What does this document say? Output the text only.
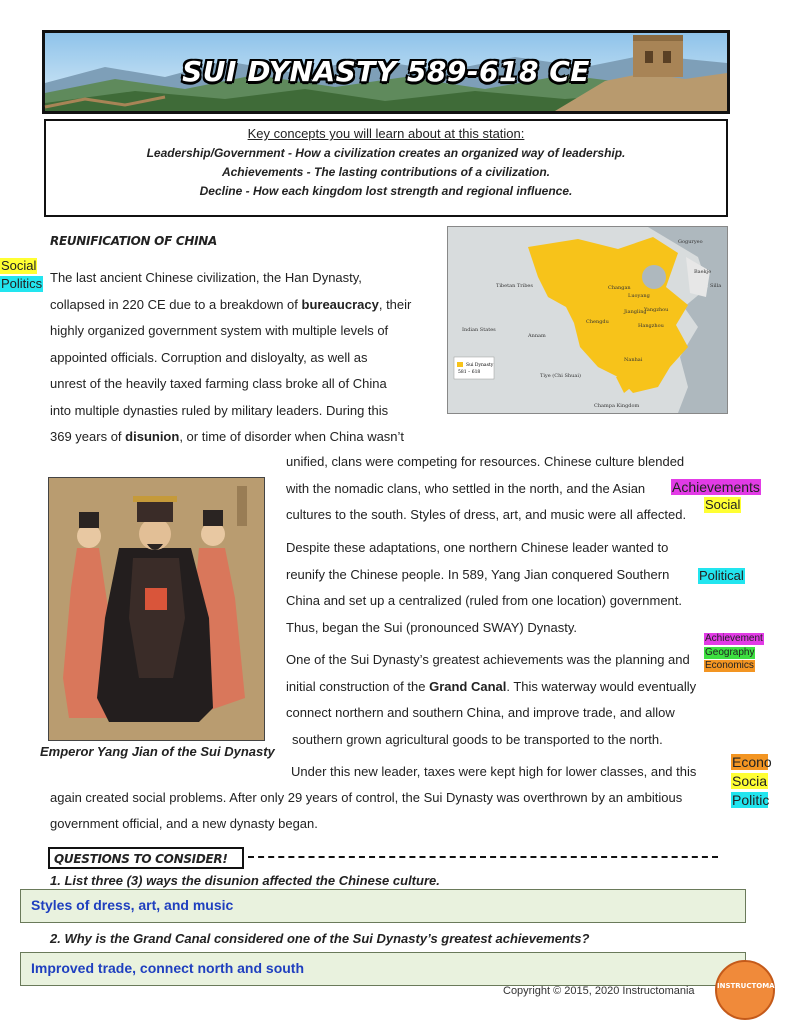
SUI DYNASTY 589-618 CE
Key concepts you will learn about at this station:
Leadership/Government - How a civilization creates an organized way of leadership.
Achievements - The lasting contributions of a civilization.
Decline - How each kingdom lost strength and regional influence.
REUNIFICATION OF CHINA
The last ancient Chinese civilization, the Han Dynasty,
collapsed in 220 CE due to a breakdown of bureaucracy, their
highly organized government system with multiple levels of
appointed officials. Corruption and disloyalty, as well as
unrest of the heavily taxed farming class broke all of China
into multiple dynasties ruled by military leaders. During this
369 years of disunion, or time of disorder when China wasn’t
unified, clans were competing for resources. Chinese culture blended
with the nomadic clans, who settled in the north, and the Asian
cultures to the south. Styles of dress, art, and music were all affected.
Despite these adaptations, one northern Chinese leader wanted to
reunify the Chinese people. In 589, Yang Jian conquered Southern
China and set up a centralized (ruled from one location) government.
Thus, began the Sui (pronounced SWAY) Dynasty.
One of the Sui Dynasty’s greatest achievements was the planning and
initial construction of the Grand Canal. This waterway would eventually
connect northern and southern China, and improve trade, and allow
southern grown agricultural goods to be transported to the north.
Under this new leader, taxes were kept high for lower classes, and this
again created social problems. After only 29 years of control, the Sui Dynasty was overthrown by an ambitious
government official, and a new dynasty began.
Sui Dynasty
581 – 618
Tibetan Tribes
Indian States
Annam
Tiye (Chi Shuai)
Champa Kingdom
Changan
Luoyang
Chengdu
Yangzhou
Hangzhou
Jiangling
Goguryeo
Baekje
Silla
Nanhai
Emperor Yang Jian of the Sui Dynasty
Social
Politics
Achievements
Social
Political
Achievement
Geography
Economics
Econo
Socia
Politic
QUESTIONS TO CONSIDER!
1. List three (3) ways the disunion affected the Chinese culture.
Styles of dress, art, and music
2. Why is the Grand Canal considered one of the Sui Dynasty’s greatest achievements?
Improved trade, connect north and south
Copyright © 2015, 2020 Instructomania	INSTRUCTOMANIA
